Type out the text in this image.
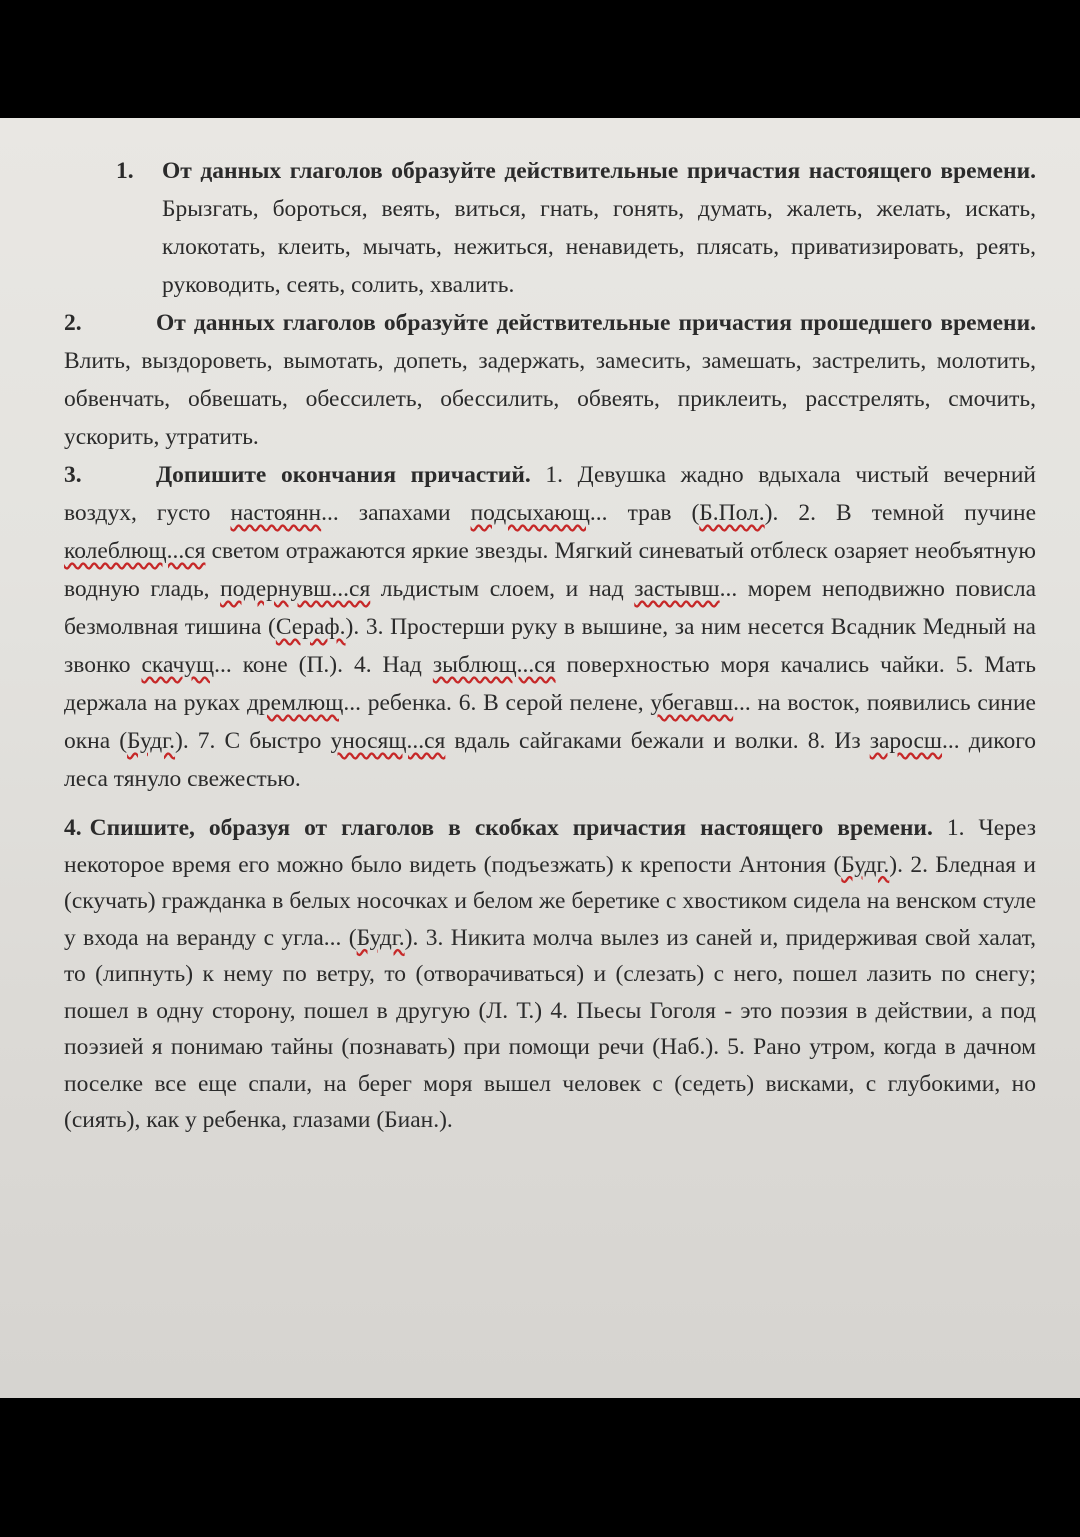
1. От данных глаголов образуйте действительные причастия настоящего времени. Брызгать, бороться, веять, виться, гнать, гонять, думать, жалеть, желать, искать, клокотать, клеить, мычать, нежиться, ненавидеть, плясать, приватизировать, реять, руководить, сеять, солить, хвалить.

2.	От данных глаголов образуйте действительные причастия прошедшего времени. Влить, выздороветь, вымотать, допеть, задержать, замесить, замешать, застрелить, молотить, обвенчать, обвешать, обессилеть, обессилить, обвеять, приклеить, расстрелять, смочить, ускорить, утратить.

3.	Допишите окончания причастий. 1. Девушка жадно вдыхала чистый вечерний воздух, густо настоянн... запахами подсыхающ... трав (Б.Пол.). 2. В темной пучине колеблющ...ся светом отражаются яркие звезды. Мягкий синеватый отблеск озаряет необъятную водную гладь, подернувш...ся льдистым слоем, и над застывш... морем неподвижно повисла безмолвная тишина (Сераф.). 3. Простерши руку в вышине, за ним несется Всадник Медный на звонко скачущ... коне (П.). 4. Над зыблющ...ся поверхностью моря качались чайки. 5. Мать держала на руках дремлющ... ребенка. 6. В серой пелене, убегавш... на восток, появились синие окна (Будг.). 7. С быстро уносящ...ся вдаль сайгаками бежали и волки. 8. Из заросш... дикого леса тянуло свежестью.

4. Спишите, образуя от глаголов в скобках причастия настоящего времени. 1. Через некоторое время его можно было видеть (подъезжать) к крепости Антония (Будг.). 2. Бледная и (скучать) гражданка в белых носочках и белом же беретике с хвостиком сидела на венском стуле у входа на веранду с угла... (Будг.). 3. Никита молча вылез из саней и, придерживая свой халат, то (липнуть) к нему по ветру, то (отворачиваться) и (слезать) с него, пошел лазить по снегу; пошел в одну сторону, пошел в другую (Л. Т.) 4. Пьесы Гоголя - это поэзия в действии, а под поэзией я понимаю тайны (познавать) при помощи речи (Наб.). 5. Рано утром, когда в дачном поселке все еще спали, на берег моря вышел человек с (седеть) висками, с глубокими, но (сиять), как у ребенка, глазами (Биан.).
